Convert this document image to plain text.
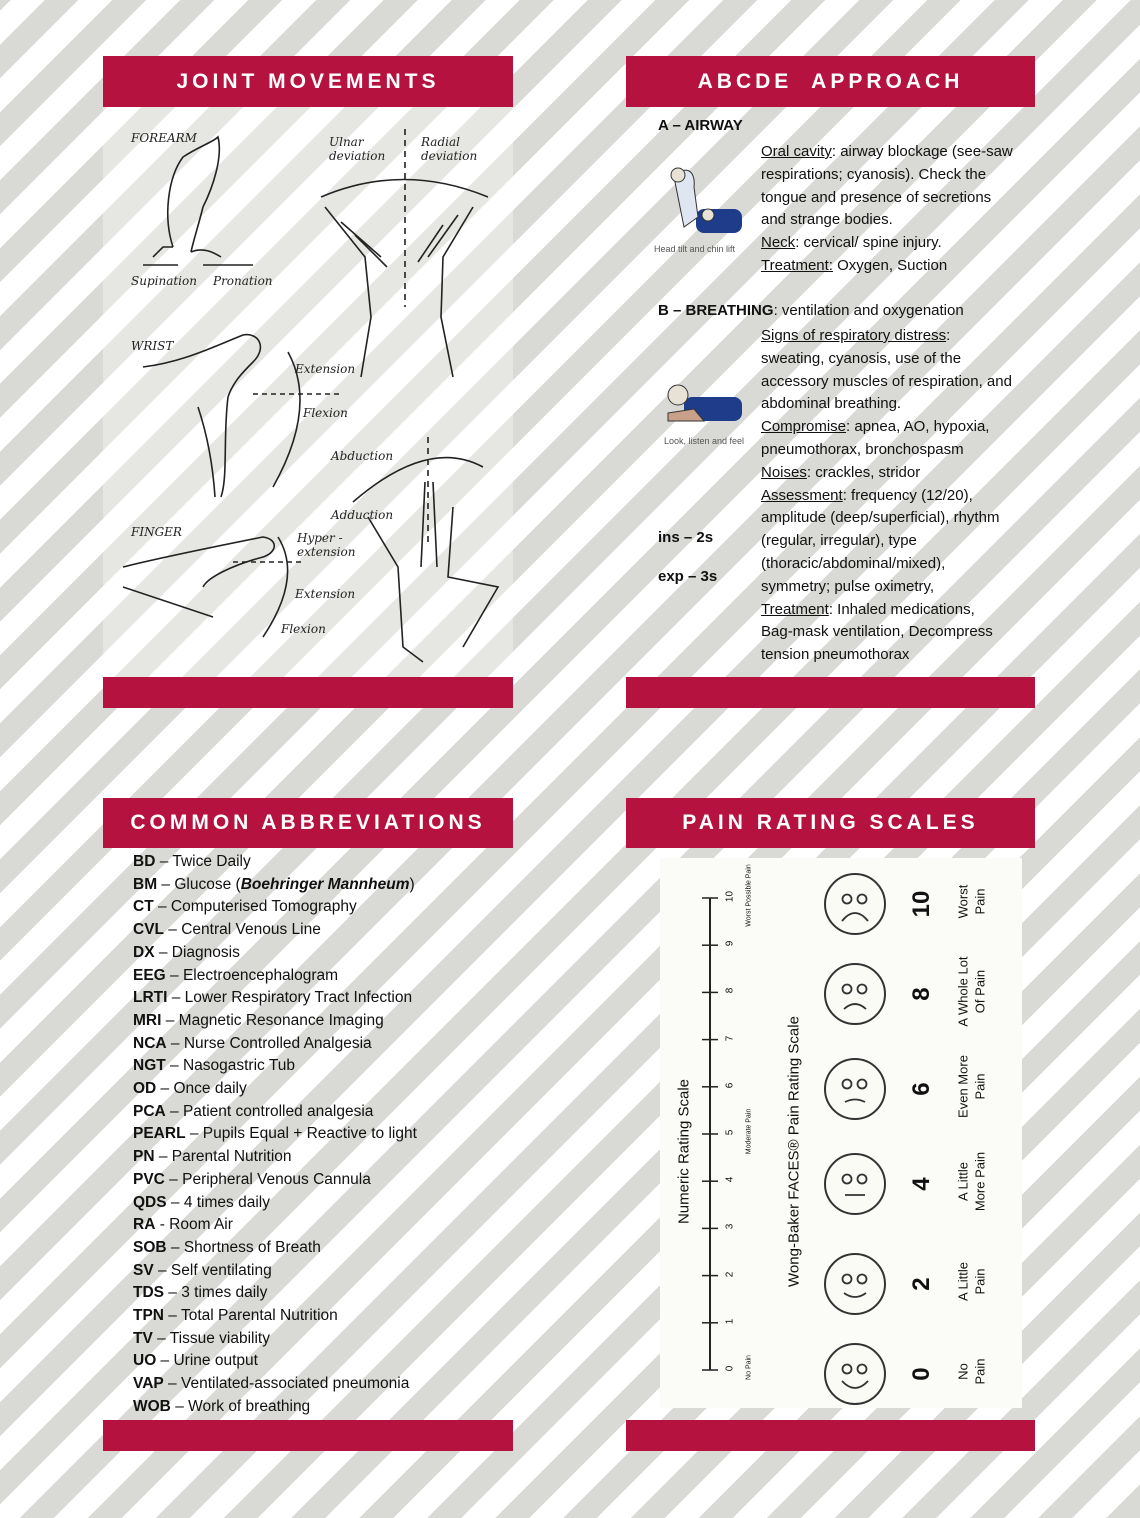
JOINT MOVEMENTS
FOREARM
Supination Pronation
Ulnar deviation
Radial deviation
WRIST
Extension
Flexion
Abduction
Adduction
FINGER	Hyper - extension
Extension
Flexion
ABCDE  APPROACH
A – AIRWAY
Head tilt and chin lift
Oral cavity: airway blockage (see-saw
respirations; cyanosis). Check the
tongue and presence of secretions
and strange bodies.
Neck: cervical/ spine injury.
Treatment: Oxygen, Suction
B – BREATHING: ventilation and oxygenation
Look, listen and feel
Signs of respiratory distress:
sweating, cyanosis, use of the
accessory muscles of respiration, and
abdominal breathing.
Compromise: apnea, AO, hypoxia,
pneumothorax, bronchospasm
Noises: crackles, stridor
Assessment: frequency (12/20),
amplitude (deep/superficial), rhythm
(regular, irregular), type
(thoracic/abdominal/mixed),
symmetry; pulse oximetry,
Treatment: Inhaled medications,
Bag-mask ventilation, Decompress
tension pneumothorax
ins – 2s
exp – 3s
COMMON ABBREVIATIONS
BD – Twice Daily
BM – Glucose (Boehringer Mannheum)
CT – Computerised Tomography
CVL – Central Venous Line
DX – Diagnosis
EEG – Electroencephalogram
LRTI – Lower Respiratory Tract Infection
MRI – Magnetic Resonance Imaging
NCA – Nurse Controlled Analgesia
NGT – Nasogastric Tub
OD – Once daily
PCA – Patient controlled analgesia
PEARL – Pupils Equal + Reactive to light
PN – Parental Nutrition
PVC – Peripheral Venous Cannula
QDS – 4 times daily
RA - Room Air
SOB – Shortness of Breath
SV – Self ventilating
TDS – 3 times daily
TPN – Total Parental Nutrition
TV – Tissue viability
UO – Urine output
VAP – Ventilated-associated pneumonia
WOB – Work of breathing
PAIN RATING SCALES
Numeric Rating Scale	Wong-Baker FACES® Pain Rating Scale
0 No Pain
1
2
3
4
5 Moderate Pain
6
7
8
9
10 Worst Possible Pain
0 No Pain
2 A Little Pain
4 A Little More Pain
6 Even More Pain
8 A Whole Lot Of Pain
10 Worst Pain
